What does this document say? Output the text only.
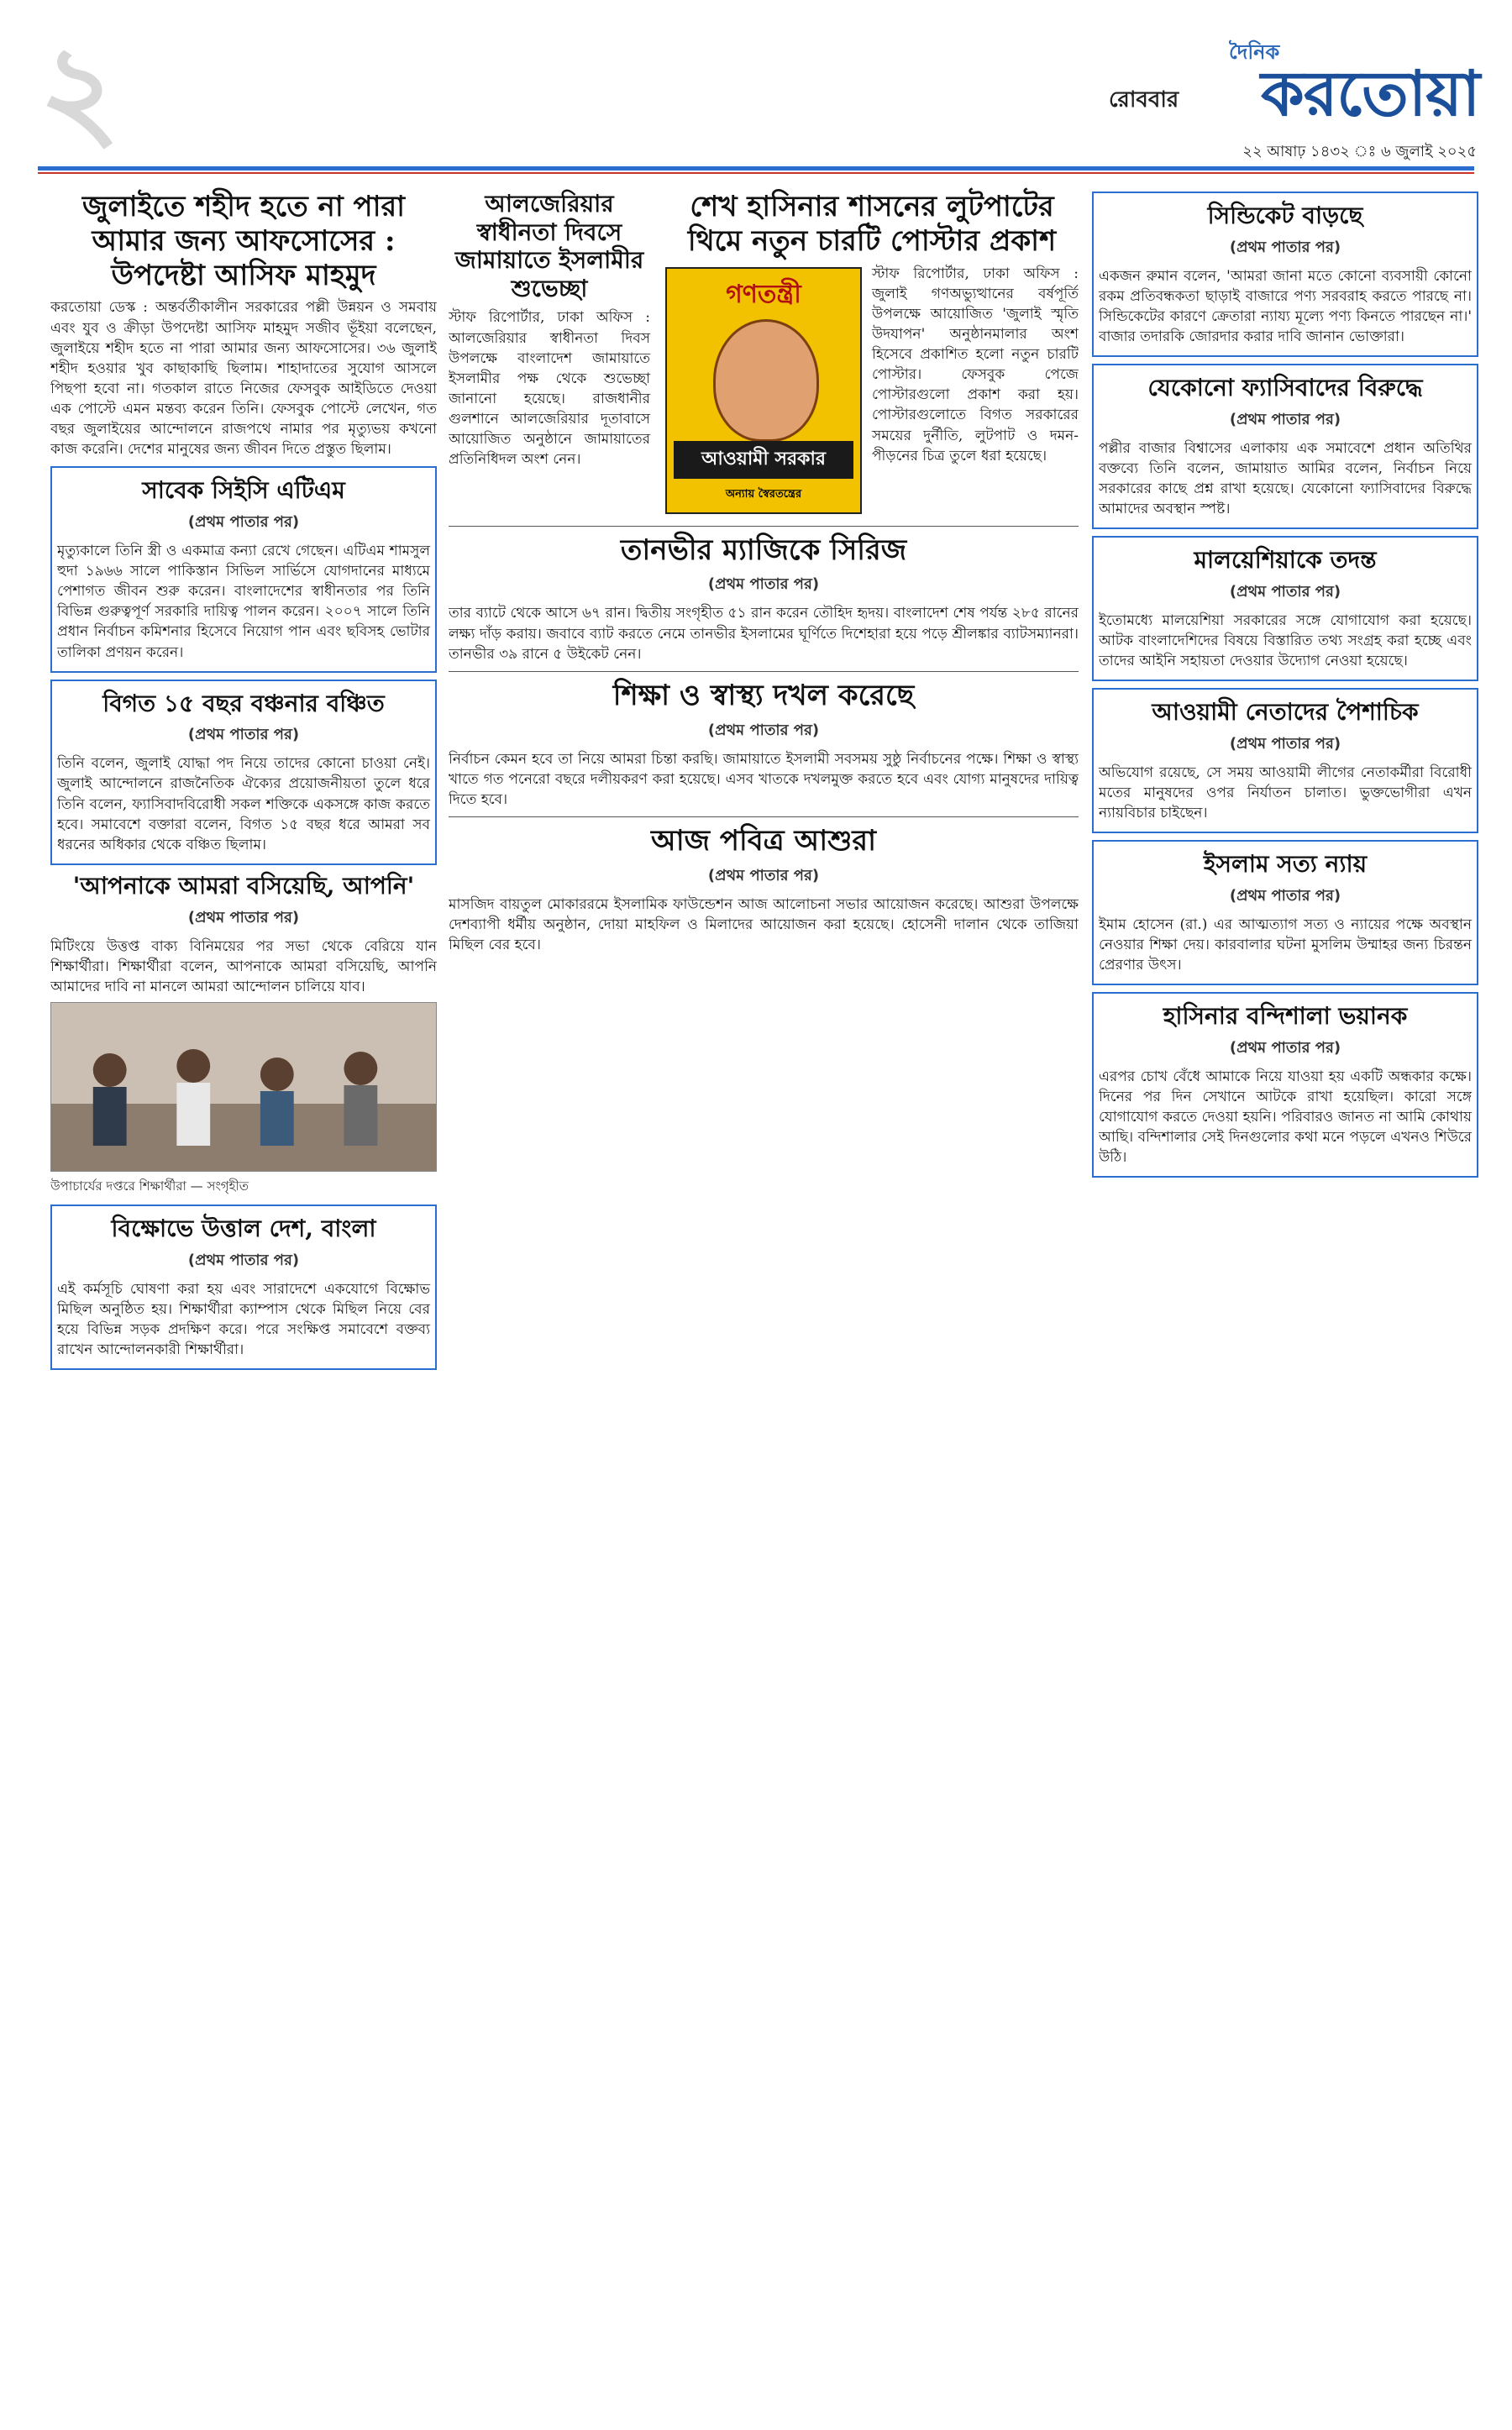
২	রোববার
দৈনিক
করতোয়া
২২ আষাঢ় ১৪৩২ ঃ ৬ জুলাই ২০২৫
জুলাইতে শহীদ হতে না পারা আমার জন্য আফসোসের : উপদেষ্টা আসিফ মাহমুদ

করতোয়া ডেস্ক : অন্তর্বর্তীকালীন সরকারের পল্লী উন্নয়ন ও সমবায় এবং যুব ও ক্রীড়া উপদেষ্টা আসিফ মাহমুদ সজীব ভূঁইয়া বলেছেন, জুলাইয়ে শহীদ হতে না পারা আমার জন্য আফসোসের। ৩৬ জুলাই শহীদ হওয়ার খুব কাছাকাছি ছিলাম। শাহাদাতের সুযোগ আসলে পিছপা হবো না। গতকাল রাতে নিজের ফেসবুক আইডিতে দেওয়া এক পোস্টে এমন মন্তব্য করেন তিনি। ফেসবুক পোস্টে লেখেন, গত বছর জুলাইয়ের আন্দোলনে রাজপথে নামার পর মৃত্যুভয় কখনো কাজ করেনি। দেশের মানুষের জন্য জীবন দিতে প্রস্তুত ছিলাম।

সাবেক সিইসি এটিএম
(প্রথম পাতার পর)

মৃত্যুকালে তিনি স্ত্রী ও একমাত্র কন্যা রেখে গেছেন। এটিএম শামসুল হুদা ১৯৬৬ সালে পাকিস্তান সিভিল সার্ভিসে যোগদানের মাধ্যমে পেশাগত জীবন শুরু করেন। বাংলাদেশের স্বাধীনতার পর তিনি বিভিন্ন গুরুত্বপূর্ণ সরকারি দায়িত্ব পালন করেন। ২০০৭ সালে তিনি প্রধান নির্বাচন কমিশনার হিসেবে নিয়োগ পান এবং ছবিসহ ভোটার তালিকা প্রণয়ন করেন।

বিগত ১৫ বছর বঞ্চনার বঞ্চিত
(প্রথম পাতার পর)

তিনি বলেন, জুলাই যোদ্ধা পদ নিয়ে তাদের কোনো চাওয়া নেই। জুলাই আন্দোলনে রাজনৈতিক ঐক্যের প্রয়োজনীয়তা তুলে ধরে তিনি বলেন, ফ্যাসিবাদবিরোধী সকল শক্তিকে একসঙ্গে কাজ করতে হবে। সমাবেশে বক্তারা বলেন, বিগত ১৫ বছর ধরে আমরা সব ধরনের অধিকার থেকে বঞ্চিত ছিলাম।

'আপনাকে আমরা বসিয়েছি, আপনি'
(প্রথম পাতার পর)

মিটিংয়ে উত্তপ্ত বাক্য বিনিময়ের পর সভা থেকে বেরিয়ে যান শিক্ষার্থীরা। শিক্ষার্থীরা বলেন, আপনাকে আমরা বসিয়েছি, আপনি আমাদের দাবি না মানলে আমরা আন্দোলন চালিয়ে যাব।

উপাচার্যের দপ্তরে শিক্ষার্থীরা — সংগৃহীত
বিক্ষোভে উত্তাল দেশ, বাংলা
(প্রথম পাতার পর)

এই কর্মসূচি ঘোষণা করা হয় এবং সারাদেশে একযোগে বিক্ষোভ মিছিল অনুষ্ঠিত হয়। শিক্ষার্থীরা ক্যাম্পাস থেকে মিছিল নিয়ে বের হয়ে বিভিন্ন সড়ক প্রদক্ষিণ করে। পরে সংক্ষিপ্ত সমাবেশে বক্তব্য রাখেন আন্দোলনকারী শিক্ষার্থীরা।

আলজেরিয়ার স্বাধীনতা দিবসে জামায়াতে ইসলামীর শুভেচ্ছা

স্টাফ রিপোর্টার, ঢাকা অফিস : আলজেরিয়ার স্বাধীনতা দিবস উপলক্ষে বাংলাদেশ জামায়াতে ইসলামীর পক্ষ থেকে শুভেচ্ছা জানানো হয়েছে। রাজধানীর গুলশানে আলজেরিয়ার দূতাবাসে আয়োজিত অনুষ্ঠানে জামায়াতের প্রতিনিধিদল অংশ নেন।

শেখ হাসিনার শাসনের লুটপাটের থিমে নতুন চারটি পোস্টার প্রকাশ
গণতন্ত্রী
আওয়ামী সরকার
অন্যায় স্বৈরতন্ত্রের

স্টাফ রিপোর্টার, ঢাকা অফিস : জুলাই গণঅভ্যুত্থানের বর্ষপূর্তি উপলক্ষে আয়োজিত 'জুলাই স্মৃতি উদযাপন' অনুষ্ঠানমালার অংশ হিসেবে প্রকাশিত হলো নতুন চারটি পোস্টার। ফেসবুক পেজে পোস্টারগুলো প্রকাশ করা হয়। পোস্টারগুলোতে বিগত সরকারের সময়ের দুর্নীতি, লুটপাট ও দমন-পীড়নের চিত্র তুলে ধরা হয়েছে।

তানভীর ম্যাজিকে সিরিজ
(প্রথম পাতার পর)

তার ব্যাটে থেকে আসে ৬৭ রান। দ্বিতীয় সংগৃহীত ৫১ রান করেন তৌহিদ হৃদয়। বাংলাদেশ শেষ পর্যন্ত ২৮৫ রানের লক্ষ্য দাঁড় করায়। জবাবে ব্যাট করতে নেমে তানভীর ইসলামের ঘূর্ণিতে দিশেহারা হয়ে পড়ে শ্রীলঙ্কার ব্যাটসম্যানরা। তানভীর ৩৯ রানে ৫ উইকেট নেন।

শিক্ষা ও স্বাস্থ্য দখল করেছে
(প্রথম পাতার পর)

নির্বাচন কেমন হবে তা নিয়ে আমরা চিন্তা করছি। জামায়াতে ইসলামী সবসময় সুষ্ঠু নির্বাচনের পক্ষে। শিক্ষা ও স্বাস্থ্য খাতে গত পনেরো বছরে দলীয়করণ করা হয়েছে। এসব খাতকে দখলমুক্ত করতে হবে এবং যোগ্য মানুষদের দায়িত্ব দিতে হবে।

আজ পবিত্র আশুরা
(প্রথম পাতার পর)

মাসজিদ বায়তুল মোকাররমে ইসলামিক ফাউন্ডেশন আজ আলোচনা সভার আয়োজন করেছে। আশুরা উপলক্ষে দেশব্যাপী ধর্মীয় অনুষ্ঠান, দোয়া মাহফিল ও মিলাদের আয়োজন করা হয়েছে। হোসেনী দালান থেকে তাজিয়া মিছিল বের হবে।

সিন্ডিকেট বাড়ছে
(প্রথম পাতার পর)

একজন রুমান বলেন, 'আমরা জানা মতে কোনো ব্যবসায়ী কোনো রকম প্রতিবন্ধকতা ছাড়াই বাজারে পণ্য সরবরাহ করতে পারছে না। সিন্ডিকেটের কারণে ক্রেতারা ন্যায্য মূল্যে পণ্য কিনতে পারছেন না।' বাজার তদারকি জোরদার করার দাবি জানান ভোক্তারা।

যেকোনো ফ্যাসিবাদের বিরুদ্ধে
(প্রথম পাতার পর)

পল্লীর বাজার বিশ্বাসের এলাকায় এক সমাবেশে প্রধান অতিথির বক্তব্যে তিনি বলেন, জামায়াত আমির বলেন, নির্বাচন নিয়ে সরকারের কাছে প্রশ্ন রাখা হয়েছে। যেকোনো ফ্যাসিবাদের বিরুদ্ধে আমাদের অবস্থান স্পষ্ট।

মালয়েশিয়াকে তদন্ত
(প্রথম পাতার পর)

ইতোমধ্যে মালয়েশিয়া সরকারের সঙ্গে যোগাযোগ করা হয়েছে। আটক বাংলাদেশিদের বিষয়ে বিস্তারিত তথ্য সংগ্রহ করা হচ্ছে এবং তাদের আইনি সহায়তা দেওয়ার উদ্যোগ নেওয়া হয়েছে।

আওয়ামী নেতাদের পৈশাচিক
(প্রথম পাতার পর)

অভিযোগ রয়েছে, সে সময় আওয়ামী লীগের নেতাকর্মীরা বিরোধী মতের মানুষদের ওপর নির্যাতন চালাত। ভুক্তভোগীরা এখন ন্যায়বিচার চাইছেন।

ইসলাম সত্য ন্যায়
(প্রথম পাতার পর)

ইমাম হোসেন (রা.) এর আত্মত্যাগ সত্য ও ন্যায়ের পক্ষে অবস্থান নেওয়ার শিক্ষা দেয়। কারবালার ঘটনা মুসলিম উম্মাহর জন্য চিরন্তন প্রেরণার উৎস।

হাসিনার বন্দিশালা ভয়ানক
(প্রথম পাতার পর)

এরপর চোখ বেঁধে আমাকে নিয়ে যাওয়া হয় একটি অন্ধকার কক্ষে। দিনের পর দিন সেখানে আটকে রাখা হয়েছিল। কারো সঙ্গে যোগাযোগ করতে দেওয়া হয়নি। পরিবারও জানত না আমি কোথায় আছি। বন্দিশালার সেই দিনগুলোর কথা মনে পড়লে এখনও শিউরে উঠি।
